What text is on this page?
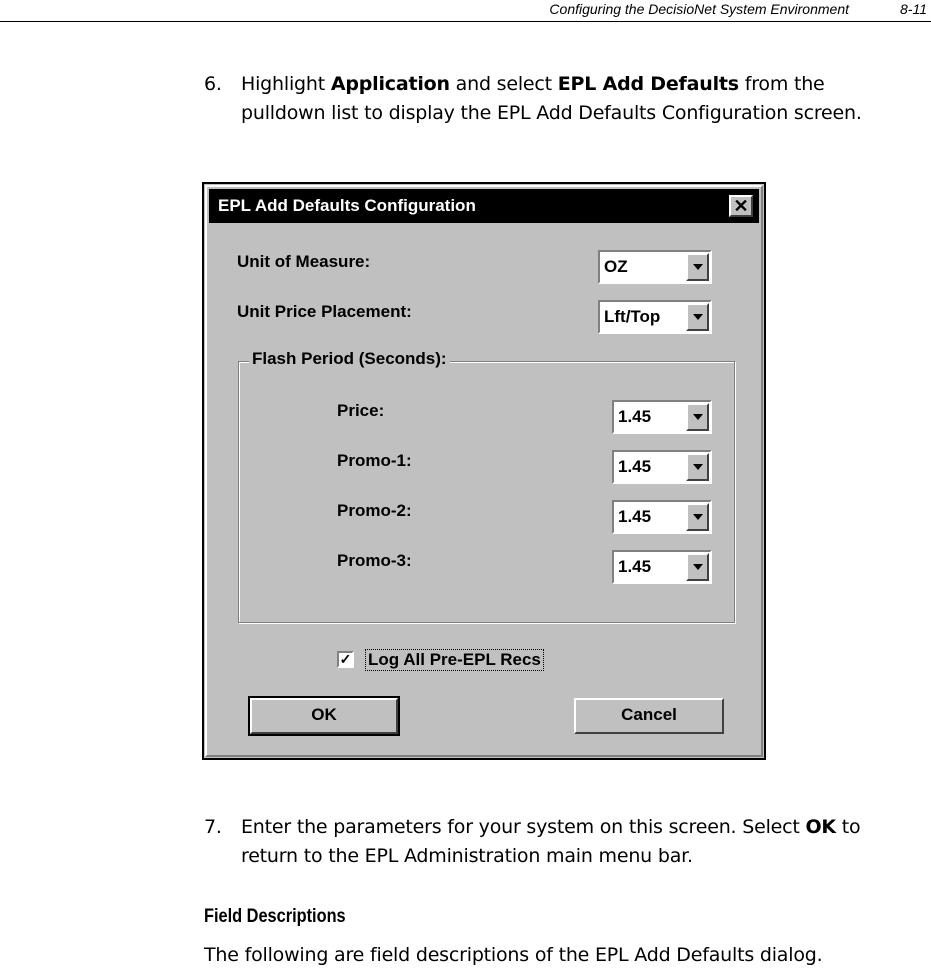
Configuring the DecisioNet System Environment	8-11
6. Highlight Application and select EPL Add Defaults from the pulldown list to display the EPL Add Defaults Configuration screen.
EPL Add Defaults Configuration	✕
Unit of Measure:	OZ
Unit Price Placement:	Lft/Top
Flash Period (Seconds):
Price:	1.45
Promo-1:	1.45
Promo-2:	1.45
Promo-3:	1.45
✓ Log All Pre-EPL Recs
OK	Cancel
7. Enter the parameters for your system on this screen. Select OK to return to the EPL Administration main menu bar.
Field Descriptions
The following are field descriptions of the EPL Add Defaults dialog.
